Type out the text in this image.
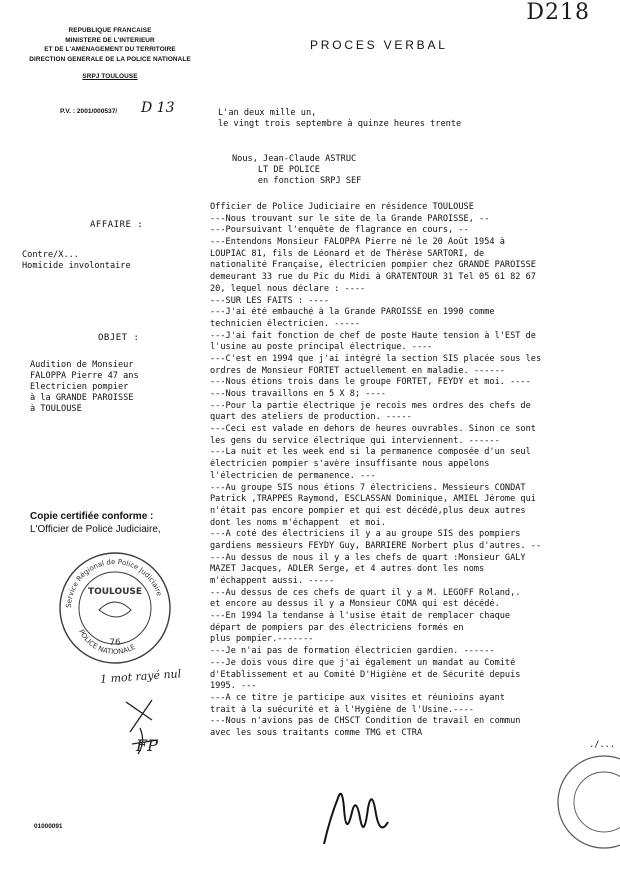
D218
REPUBLIQUE FRANCAISE
MINISTERE DE L'INTERIEUR
ET DE L'AMENAGEMENT DU TERRITOIRE
DIRECTION GENERALE DE LA POLICE NATIONALE
SRPJ TOULOUSE
P.V. : 2001/000537/ D 13
PROCES VERBAL
L'an deux mille un,
le vingt trois septembre à quinze heures trente
Nous, Jean-Claude ASTRUC
LT DE POLICE
en fonction SRPJ SEF
AFFAIRE :
Contre/X...
Homicide involontaire
OBJET :
Audition de Monsieur
FALOPPA Pierre 47 ans
Electricien pompier
à la GRANDE PAROISSE
à TOULOUSE
Officier de Police Judiciaire en résidence TOULOUSE
---Nous trouvant sur le site de la Grande PAROISSE, --
---Poursuivant l'enquête de flagrance en cours, --
---Entendons Monsieur FALOPPA Pierre né le 20 Août 1954 à
LOUPIAC 81, fils de Léonard et de Thérèse SARTORI, de
nationalité Française, électricien pompier chez GRANDE PAROISSE
demeurant 33 rue du Pic du Midi à GRATENTOUR 31 Tel 05 61 82 67
20, lequel nous déclare : ----
---SUR LES FAITS : ----
---J'ai été embauché à la Grande PAROISSE en 1990 comme
technicien électricien. -----
---J'ai fait fonction de chef de poste Haute tension à l'EST de
l'usine au poste principal électrique. ----
---C'est en 1994 que j'ai intégré la section SIS placée sous les
ordres de Monsieur FORTET actuellement en maladie. ------
---Nous étions trois dans le groupe FORTET, FEYDY et moi. ----
---Nous travaillons en 5 X 8; ----
---Pour la partie électrique je recois mes ordres des chefs de
quart des ateliers de production. -----
---Ceci est valade en dehors de heures ouvrables. Sinon ce sont
les gens du service électrique qui interviennent. ------
---La nuit et les week end si la permanence composée d'un seul
électricien pompier s'avère insuffisante nous appelons
l'électricien de permanence. ---
---Au groupe SIS nous étions 7 électriciens. Messieurs CONDAT
Patrick ,TRAPPES Raymond, ESCLASSAN Dominique, AMIEL Jérome qui
n'était pas encore pompier et qui est décédé,plus deux autres
dont les noms m'échappent  et moi.
---A coté des électriciens il y a au groupe SIS des pompiers
gardiens messieurs FEYDY Guy, BARRIERE Norbert plus d'autres. --
---Au dessus de nous il y a les chefs de quart :Monsieur GALY
MAZET Jacques, ADLER Serge, et 4 autres dont les noms
m'échappent aussi. -----
---Au dessus de ces chefs de quart il y a M. LEGOFF Roland,.
et encore au dessus il y a Monsieur COMA qui est décédé.
---En 1994 la tendanse à l'usise était de remplacer chaque
départ de pompiers par des électriciens formés en
plus pompier.-------
---Je n'ai pas de formation électricien gardien. ------
---Je dois vous dire que j'ai également un mandat au Comité
d'Etablissement et au Comité D'Higiène et de Sécurité depuis
1995. ---
---A ce titre je participe aux visites et réunioins ayant
trait à la suécurité et à l'Hygiène de l'Usine.----
---Nous n'avions pas de CHSCT Condition de travail en commun
avec les sous traitants comme TMG et CTRA
./...
Copie certifiée conforme :
L'Officier de Police Judiciaire,
Service Régional de Police Judiciaire
TOULOUSE
76
POLICE NATIONALE
1 mot rayé nul
FP
01000091
